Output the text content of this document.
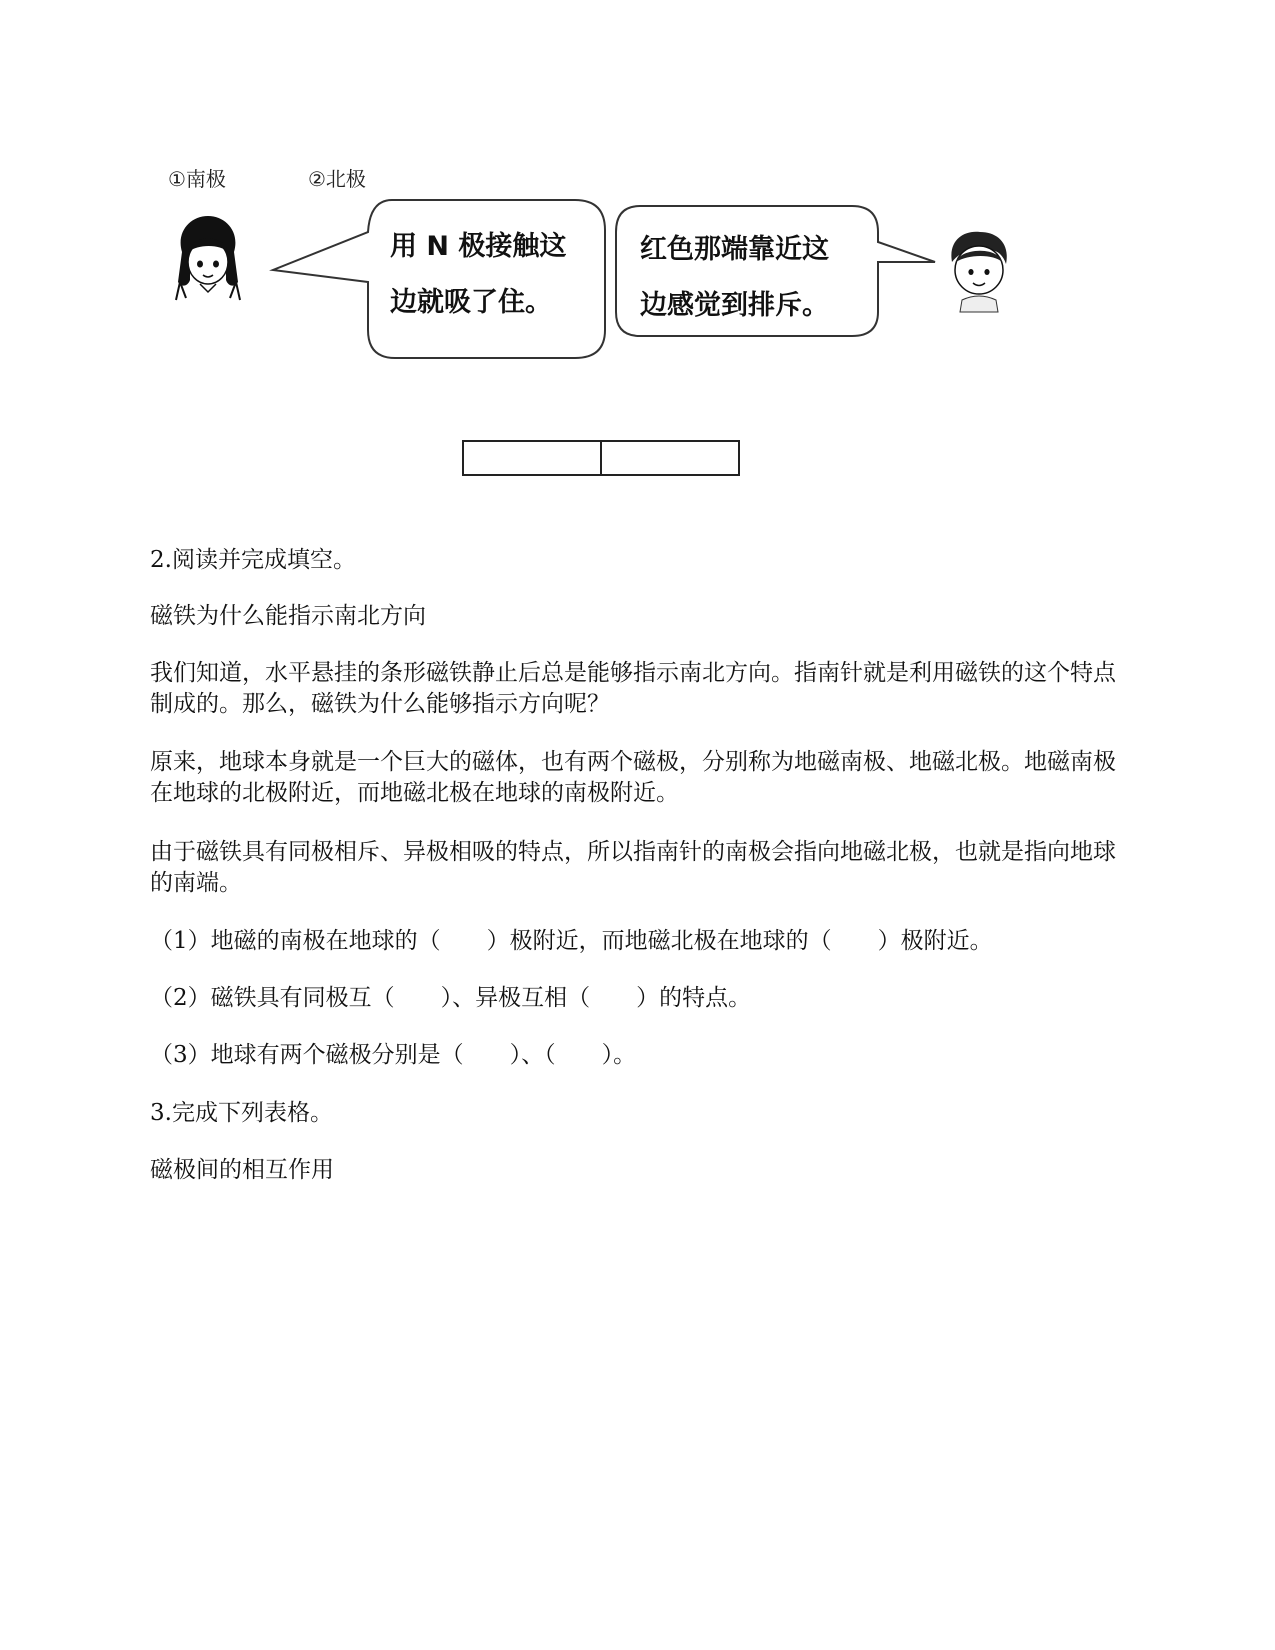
①南极	②北极
用 N 极接触这
边就吸了住。
红色那端靠近这
边感觉到排斥。

2.阅读并完成填空。

磁铁为什么能指示南北方向

我们知道，水平悬挂的条形磁铁静止后总是能够指示南北方向。指南针就是利用磁铁的这个特点制成的。那么，磁铁为什么能够指示方向呢？

原来，地球本身就是一个巨大的磁体，也有两个磁极，分别称为地磁南极、地磁北极。地磁南极在地球的北极附近，而地磁北极在地球的南极附近。

由于磁铁具有同极相斥、异极相吸的特点，所以指南针的南极会指向地磁北极，也就是指向地球的南端。

（1）地磁的南极在地球的（　　）极附近，而地磁北极在地球的（　　）极附近。

（2）磁铁具有同极互（　　）、异极互相（　　）的特点。

（3）地球有两个磁极分别是（　　）、（　　）。

3.完成下列表格。

磁极间的相互作用
